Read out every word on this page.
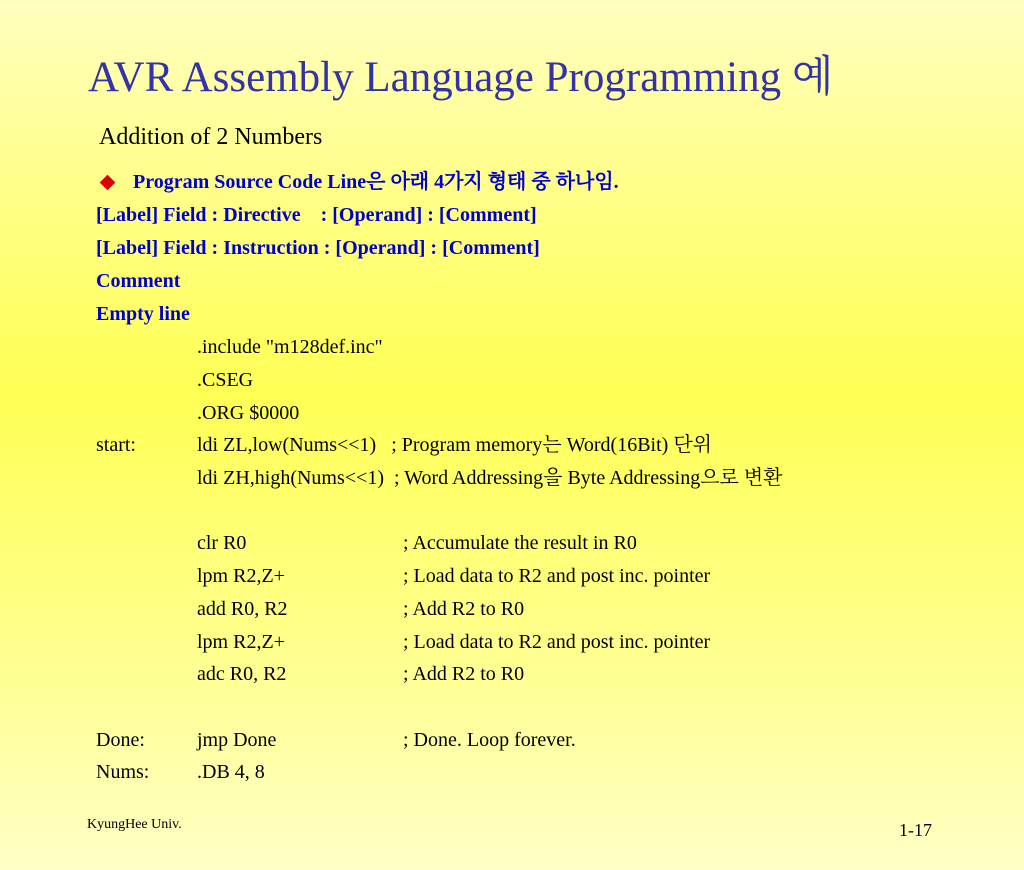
AVR Assembly Language Programming 예
Addition of 2 Numbers
Program Source Code Line은 아래 4가지 형태 중 하나임.
[Label] Field : Directive    : [Operand] : [Comment]
[Label] Field : Instruction : [Operand] : [Comment]
Comment
Empty line
.include "m128def.inc"
.CSEG
.ORG $0000
start:	ldi ZL,low(Nums<<1)   ; Program memory는 Word(16Bit) 단위
ldi ZH,high(Nums<<1)  ; Word Addressing을 Byte Addressing으로 변환
clr R0	; Accumulate the result in R0
lpm R2,Z+	; Load data to R2 and post inc. pointer
add R0, R2	; Add R2 to R0
lpm R2,Z+	; Load data to R2 and post inc. pointer
adc R0, R2	; Add R2 to R0
Done:	jmp Done	; Done. Loop forever.
Nums: .DB 4, 8
KyungHee Univ.	1-17
